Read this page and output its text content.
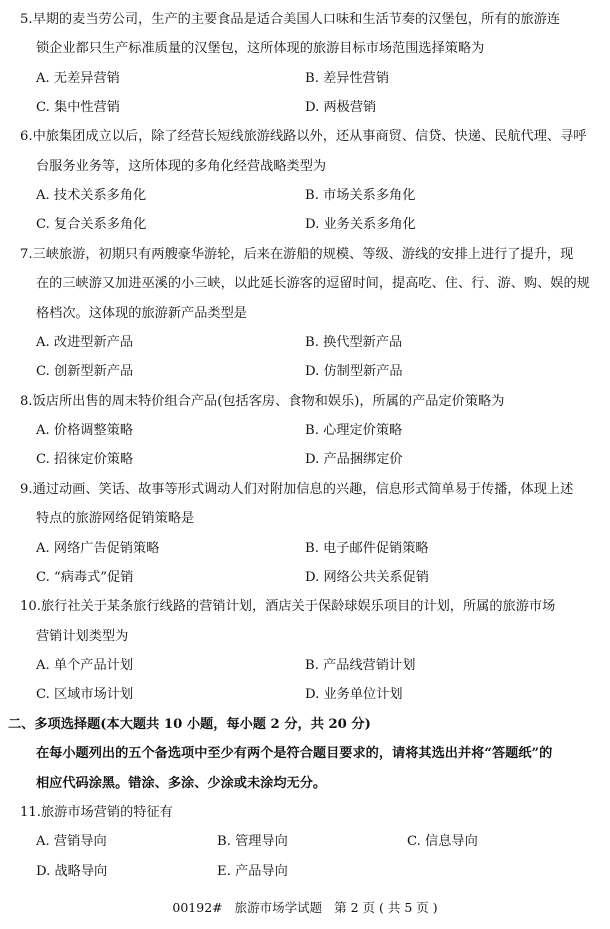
5.早期的麦当劳公司，生产的主要食品是适合美国人口味和生活节奏的汉堡包，所有的旅游连
锁企业都只生产标准质量的汉堡包，这所体现的旅游目标市场范围选择策略为
A. 无差异营销	B. 差异性营销
C. 集中性营销	D. 两极营销
6.中旅集团成立以后，除了经营长短线旅游线路以外，还从事商贸、信贷、快递、民航代理、寻呼
台服务业务等，这所体现的多角化经营战略类型为
A. 技术关系多角化	B. 市场关系多角化
C. 复合关系多角化	D. 业务关系多角化
7.三峡旅游，初期只有两艘豪华游轮，后来在游船的规模、等级、游线的安排上进行了提升，现
在的三峡游又加进巫溪的小三峡，以此延长游客的逗留时间，提高吃、住、行、游、购、娱的规
格档次。这体现的旅游新产品类型是
A. 改进型新产品	B. 换代型新产品
C. 创新型新产品	D. 仿制型新产品
8.饭店所出售的周末特价组合产品(包括客房、食物和娱乐)，所属的产品定价策略为
A. 价格调整策略	B. 心理定价策略
C. 招徕定价策略	D. 产品捆绑定价
9.通过动画、笑话、故事等形式调动人们对附加信息的兴趣，信息形式简单易于传播，体现上述
特点的旅游网络促销策略是
A. 网络广告促销策略	B. 电子邮件促销策略
C. “病毒式”促销	D. 网络公共关系促销
10.旅行社关于某条旅行线路的营销计划，酒店关于保龄球娱乐项目的计划，所属的旅游市场
营销计划类型为
A. 单个产品计划	B. 产品线营销计划
C. 区域市场计划	D. 业务单位计划
二、多项选择题(本大题共 10 小题，每小题 2 分，共 20 分)
在每小题列出的五个备选项中至少有两个是符合题目要求的，请将其选出并将“答题纸”的
相应代码涂黑。错涂、多涂、少涂或未涂均无分。
11.旅游市场营销的特征有
A. 营销导向	B. 管理导向	C. 信息导向
D. 战略导向	E. 产品导向
00192# 旅游市场学试题 第 2 页 ( 共 5 页 )
